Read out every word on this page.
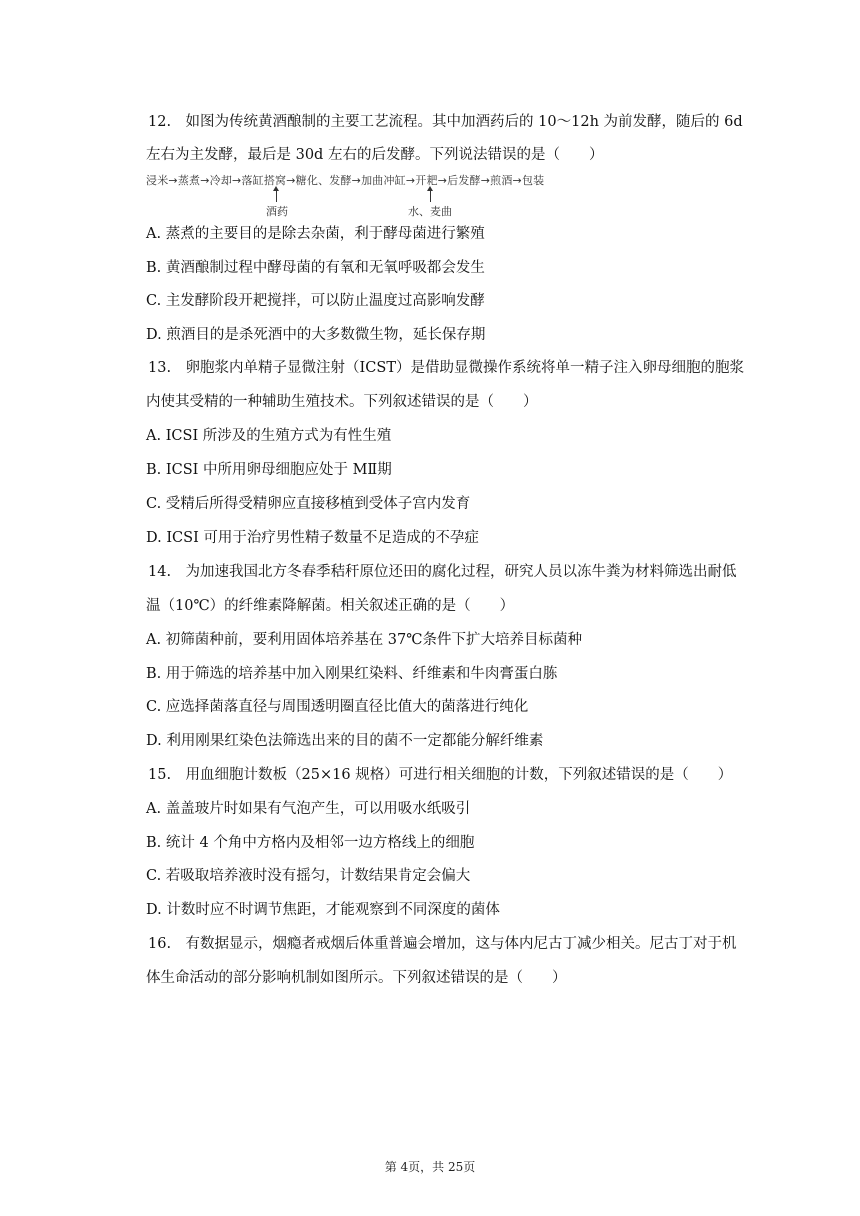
12.　如图为传统黄酒酿制的主要工艺流程。其中加酒药后的 10～12h 为前发酵，随后的 6d
左右为主发酵，最后是 30d 左右的后发酵。下列说法错误的是（　　）
浸米→蒸煮→冷却→落缸搭窝→糖化、发酵→加曲冲缸→开耙→后发酵→煎酒→包装
酒药	水、麦曲
A. 蒸煮的主要目的是除去杂菌，利于酵母菌进行繁殖
B. 黄酒酿制过程中酵母菌的有氧和无氧呼吸都会发生
C. 主发酵阶段开耙搅拌，可以防止温度过高影响发酵
D. 煎酒目的是杀死酒中的大多数微生物，延长保存期
13.　卵胞浆内单精子显微注射（ICST）是借助显微操作系统将单一精子注入卵母细胞的胞浆
内使其受精的一种辅助生殖技术。下列叙述错误的是（　　）
A. ICSI 所涉及的生殖方式为有性生殖
B. ICSI 中所用卵母细胞应处于 MⅡ期
C. 受精后所得受精卵应直接移植到受体子宫内发育
D. ICSI 可用于治疗男性精子数量不足造成的不孕症
14.　为加速我国北方冬春季秸秆原位还田的腐化过程，研究人员以冻牛粪为材料筛选出耐低
温（10℃）的纤维素降解菌。相关叙述正确的是（　　）
A. 初筛菌种前，要利用固体培养基在 37℃条件下扩大培养目标菌种
B. 用于筛选的培养基中加入刚果红染料、纤维素和牛肉膏蛋白胨
C. 应选择菌落直径与周围透明圈直径比值大的菌落进行纯化
D. 利用刚果红染色法筛选出来的目的菌不一定都能分解纤维素
15.　用血细胞计数板（25×16 规格）可进行相关细胞的计数，下列叙述错误的是（　　）
A. 盖盖玻片时如果有气泡产生，可以用吸水纸吸引
B. 统计 4 个角中方格内及相邻一边方格线上的细胞
C. 若吸取培养液时没有摇匀，计数结果肯定会偏大
D. 计数时应不时调节焦距，才能观察到不同深度的菌体
16.　有数据显示，烟瘾者戒烟后体重普遍会增加，这与体内尼古丁减少相关。尼古丁对于机
体生命活动的部分影响机制如图所示。下列叙述错误的是（　　）
第 4页，共 25页
